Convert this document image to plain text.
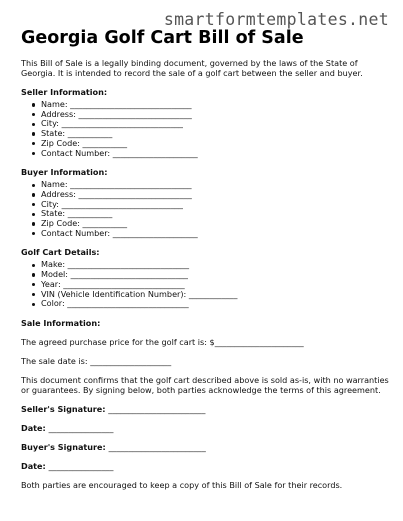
smartformtemplates.net
Georgia Golf Cart Bill of Sale

This Bill of Sale is a legally binding document, governed by the laws of the State of Georgia. It is intended to record the sale of a golf cart between the seller and buyer.

Seller Information:
Name: ______________________________
Address: ____________________________
City: ______________________________
State: ___________
Zip Code: ___________
Contact Number: _____________________
Buyer Information:
Name: ______________________________
Address: ____________________________
City: ______________________________
State: ___________
Zip Code: ___________
Contact Number: _____________________
Golf Cart Details:
Make: ______________________________
Model: _____________________________
Year: ______________________________
VIN (Vehicle Identification Number): ____________
Color: ______________________________
Sale Information:

The agreed purchase price for the golf cart is: $______________________

The sale date is: ____________________

This document confirms that the golf cart described above is sold as-is, with no warranties or guarantees. By signing below, both parties acknowledge the terms of this agreement.

Seller's Signature: ________________________

Date: ________________

Buyer's Signature: ________________________

Date: ________________

Both parties are encouraged to keep a copy of this Bill of Sale for their records.
